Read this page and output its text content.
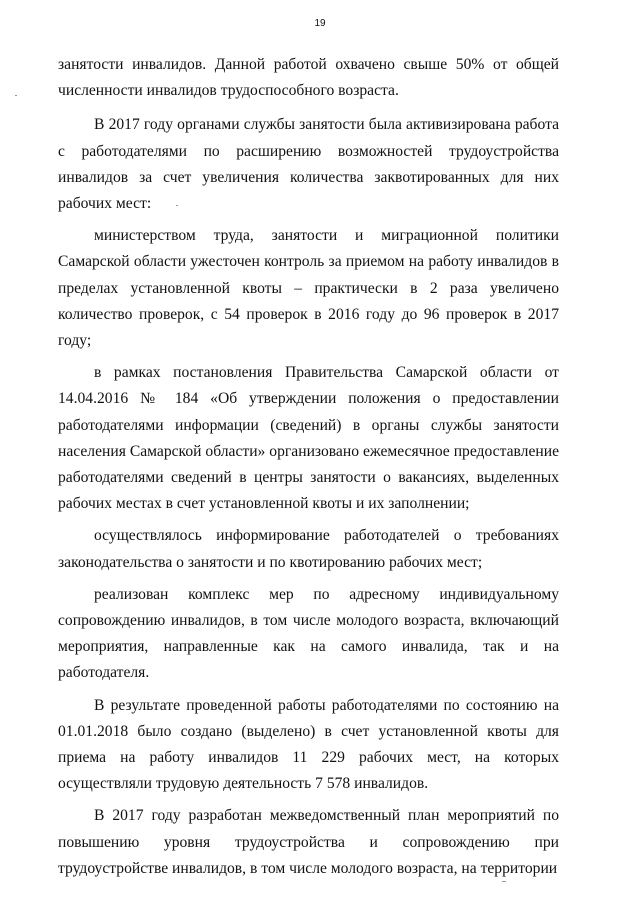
19

занятости инвалидов. Данной работой охвачено свыше 50% от общей численности инвалидов трудоспособного возраста.

В 2017 году органами службы занятости была активизирована работа с работодателями по расширению возможностей трудоустройства инвалидов за счет увеличения количества заквотированных для них рабочих мест:

министерством труда, занятости и миграционной политики Самарской области ужесточен контроль за приемом на работу инвалидов в пределах установленной квоты – практически в 2 раза увеличено количество проверок, с 54 проверок в 2016 году до 96 проверок в 2017 году;

в рамках постановления Правительства Самарской области от 14.04.2016 № 184 «Об утверждении положения о предоставлении работодателями информации (сведений) в органы службы занятости населения Самарской области» организовано ежемесячное предоставление работодателями сведений в центры занятости о вакансиях, выделенных рабочих местах в счет установленной квоты и их заполнении;

осуществлялось информирование работодателей о требованиях законодательства о занятости и по квотированию рабочих мест;

реализован комплекс мер по адресному индивидуальному сопровождению инвалидов, в том числе молодого возраста, включающий мероприятия, направленные как на самого инвалида, так и на работодателя.

В результате проведенной работы работодателями по состоянию на 01.01.2018 было создано (выделено) в счет установленной квоты для приема на работу инвалидов 11 229 рабочих мест, на которых осуществляли трудовую деятельность 7 578 инвалидов.

В 2017 году разработан межведомственный план мероприятий по повышению уровня трудоустройства и сопровождению при трудоустройстве инвалидов, в том числе молодого возраста, на территории
